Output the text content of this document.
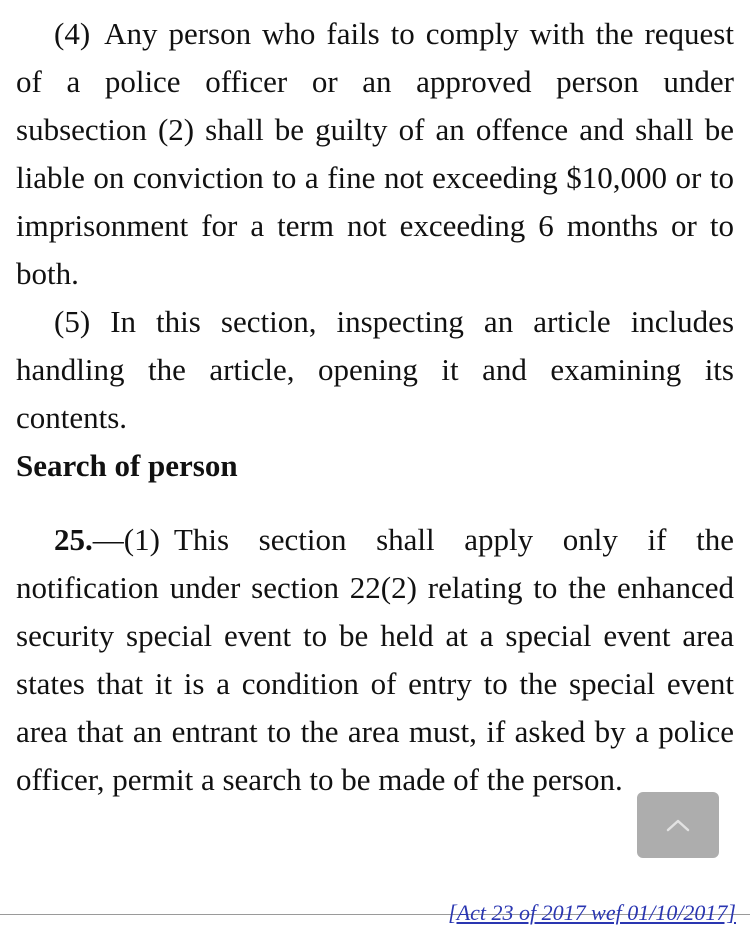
(4) Any person who fails to comply with the request of a police officer or an approved person under subsection (2) shall be guilty of an offence and shall be liable on conviction to a fine not exceeding $10,000 or to imprisonment for a term not exceeding 6 months or to both.

(5) In this section, inspecting an article includes handling the article, opening it and examining its contents.

Search of person

25.—(1) This section shall apply only if the notification under section 22(2) relating to the enhanced security special event to be held at a special event area states that it is a condition of entry to the special event area that an entrant to the area must, if asked by a police officer, permit a search to be made of the person.

[Act 23 of 2017 wef 01/10/2017]
